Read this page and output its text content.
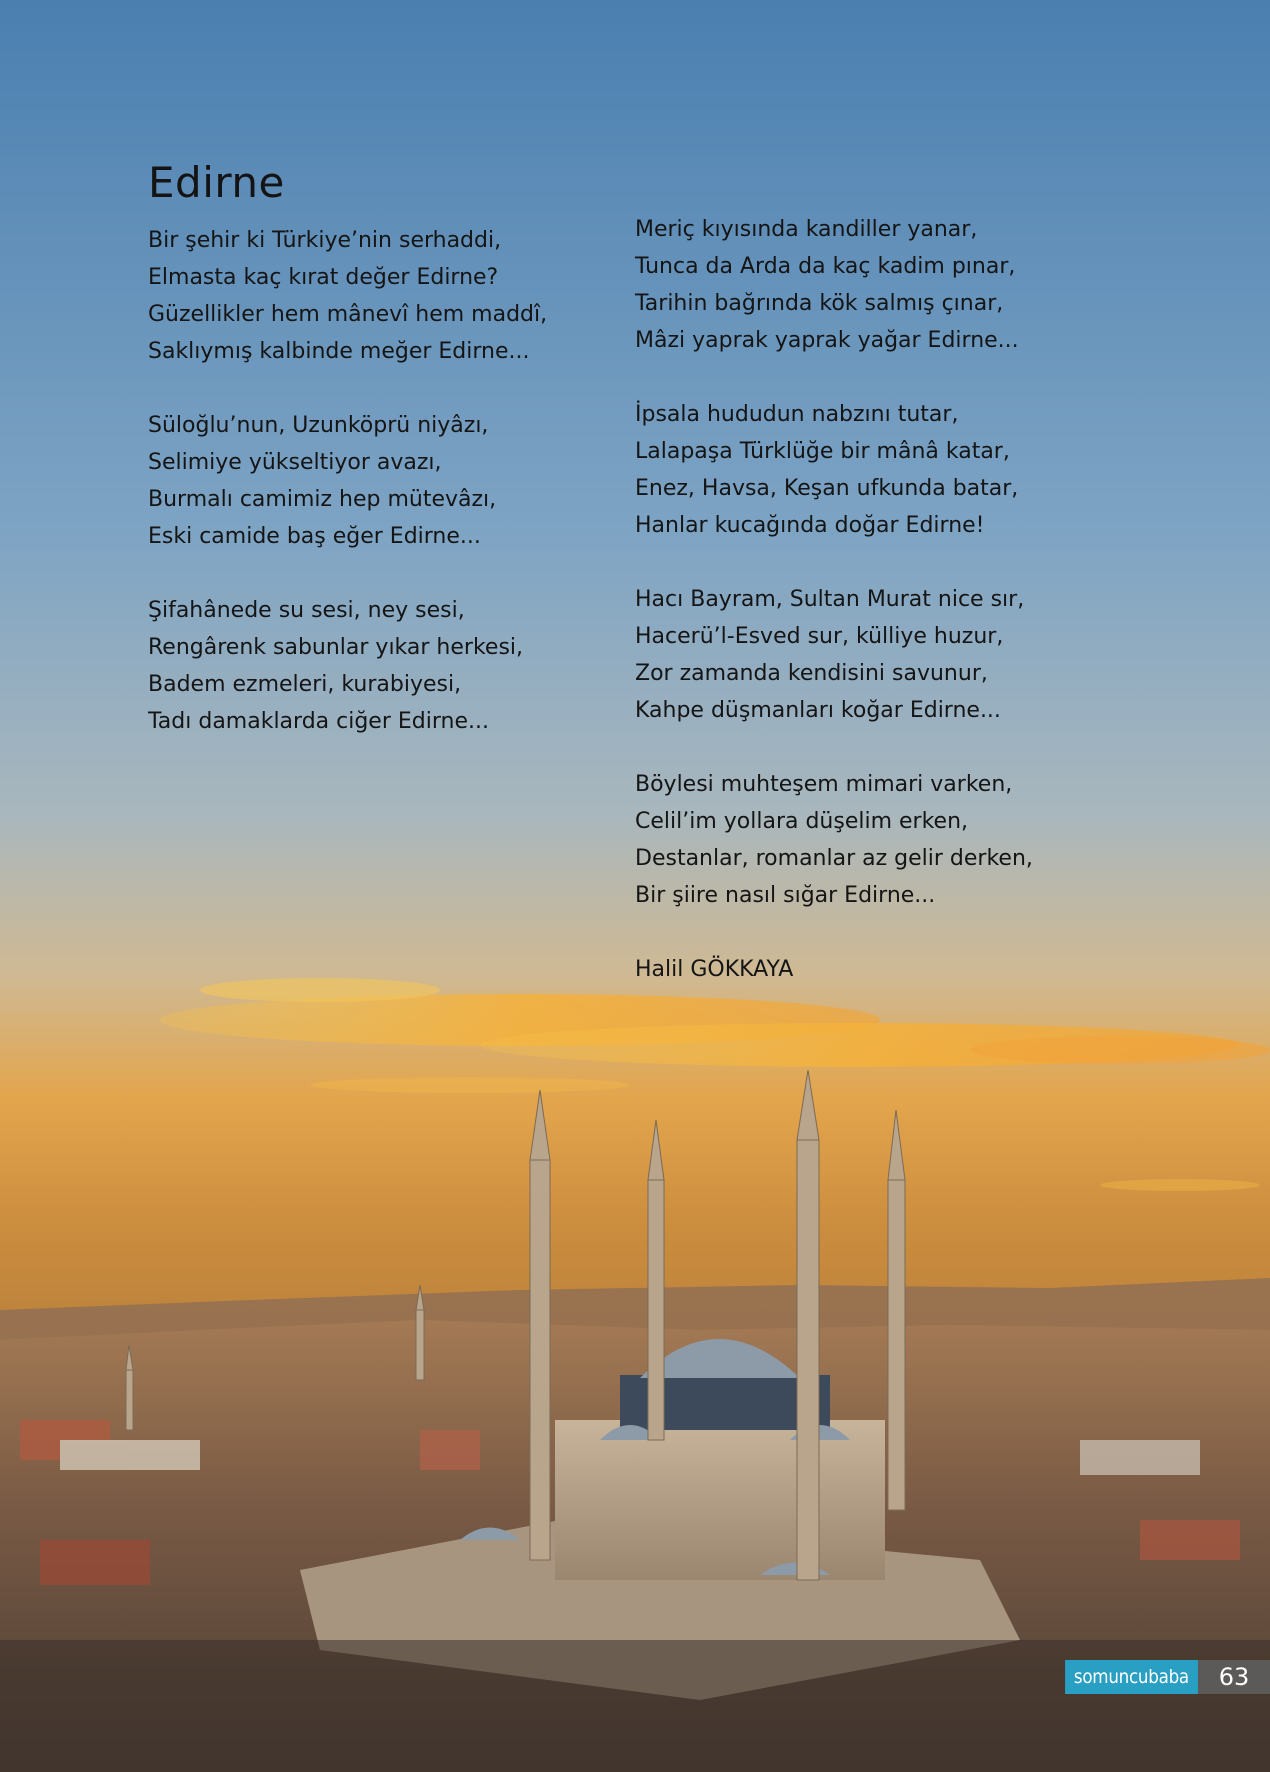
Edirne
Bir şehir ki Türkiye’nin serhaddi,
Elmasta kaç kırat değer Edirne?
Güzellikler hem mânevî hem maddî,
Saklıymış kalbinde meğer Edirne...
Süloğlu’nun, Uzunköprü niyâzı,
Selimiye yükseltiyor avazı,
Burmalı camimiz hep mütevâzı,
Eski camide baş eğer Edirne...
Şifahânede su sesi, ney sesi,
Rengârenk sabunlar yıkar herkesi,
Badem ezmeleri, kurabiyesi,
Tadı damaklarda ciğer Edirne...
Meriç kıyısında kandiller yanar,
Tunca da Arda da kaç kadim pınar,
Tarihin bağrında kök salmış çınar,
Mâzi yaprak yaprak yağar Edirne...
İpsala hududun nabzını tutar,
Lalapaşa Türklüğe bir mânâ katar,
Enez, Havsa, Keşan ufkunda batar,
Hanlar kucağında doğar Edirne!
Hacı Bayram, Sultan Murat nice sır,
Hacerü’l-Esved sur, külliye huzur,
Zor zamanda kendisini savunur,
Kahpe düşmanları koğar Edirne...
Böylesi muhteşem mimari varken,
Celil’im yollara düşelim erken,
Destanlar, romanlar az gelir derken,
Bir şiire nasıl sığar Edirne...
Halil GÖKKAYA
somuncubaba	63
